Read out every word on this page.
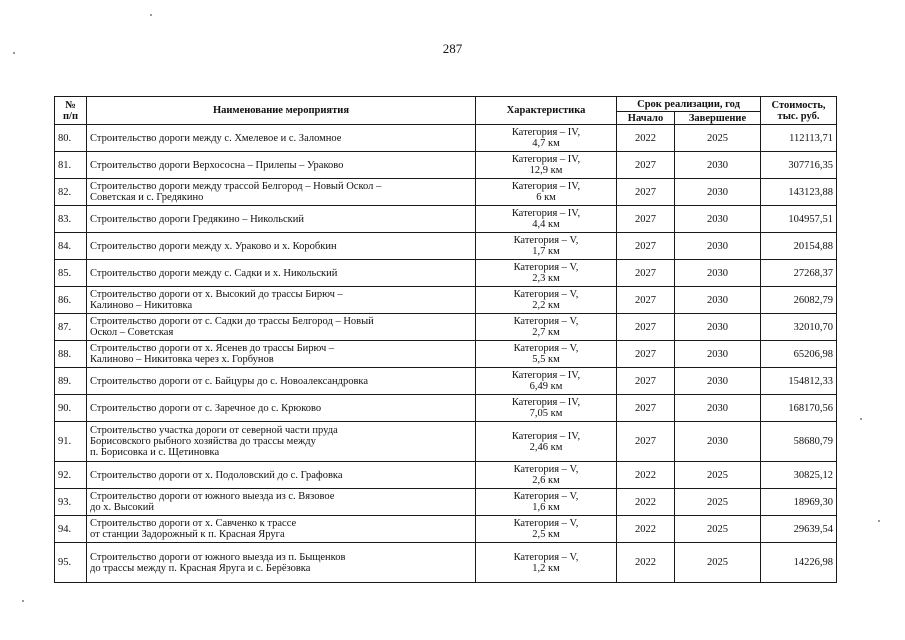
287
№
п/п	Наименование мероприятия	Характеристика	Срок реализации, год		Стоимость,
тыс. руб.
			Начало	Завершение	
80.	Строительство дороги между с. Хмелевое и с. Заломное	Категория – IV,
4,7 км	2022	2025	112113,71
81.	Строительство дороги Верхососна – Прилепы – Ураково	Категория – IV,
12,9 км	2027	2030	307716,35
82.	Строительство дороги между трассой Белгород – Новый Оскол –
Советская и с. Гредякино	Категория – IV,
6 км	2027	2030	143123,88
83.	Строительство дороги Гредякино – Никольский	Категория – IV,
4,4 км	2027	2030	104957,51
84.	Строительство дороги между х. Ураково и х. Коробкин	Категория – V,
1,7 км	2027	2030	20154,88
85.	Строительство дороги между с. Садки и х. Никольский	Категория – V,
2,3 км	2027	2030	27268,37
86.	Строительство дороги от х. Высокий до трассы Бирюч –
Калиново – Никитовка	Категория – V,
2,2 км	2027	2030	26082,79
87.	Строительство дороги от с. Садки до трассы Белгород – Новый
Оскол – Советская	Категория – V,
2,7 км	2027	2030	32010,70
88.	Строительство дороги от х. Ясенев до трассы Бирюч –
Калиново – Никитовка через х. Горбунов	Категория – V,
5,5 км	2027	2030	65206,98
89.	Строительство дороги от с. Байцуры до с. Новоалександровка	Категория – IV,
6,49 км	2027	2030	154812,33
90.	Строительство дороги от с. Заречное до с. Крюково	Категория – IV,
7,05 км	2027	2030	168170,56
91.	Строительство участка дороги от северной части пруда
Борисовского рыбного хозяйства до трассы между
п. Борисовка и с. Щетиновка	Категория – IV,
2,46 км	2027	2030	58680,79
92.	Строительство дороги от х. Подоловский до с. Графовка	Категория – V,
2,6 км	2022	2025	30825,12
93.	Строительство дороги от южного выезда из с. Вязовое
до х. Высокий	Категория – V,
1,6 км	2022	2025	18969,30
94.	Строительство дороги от х. Савченко к трассе
от станции Задорожный к п. Красная Яруга	Категория – V,
2,5 км	2022	2025	29639,54
95.	Строительство дороги от южного выезда из п. Быщенков
до трассы между п. Красная Яруга и с. Берёзовка	Категория – V,
1,2 км	2022	2025	14226,98
